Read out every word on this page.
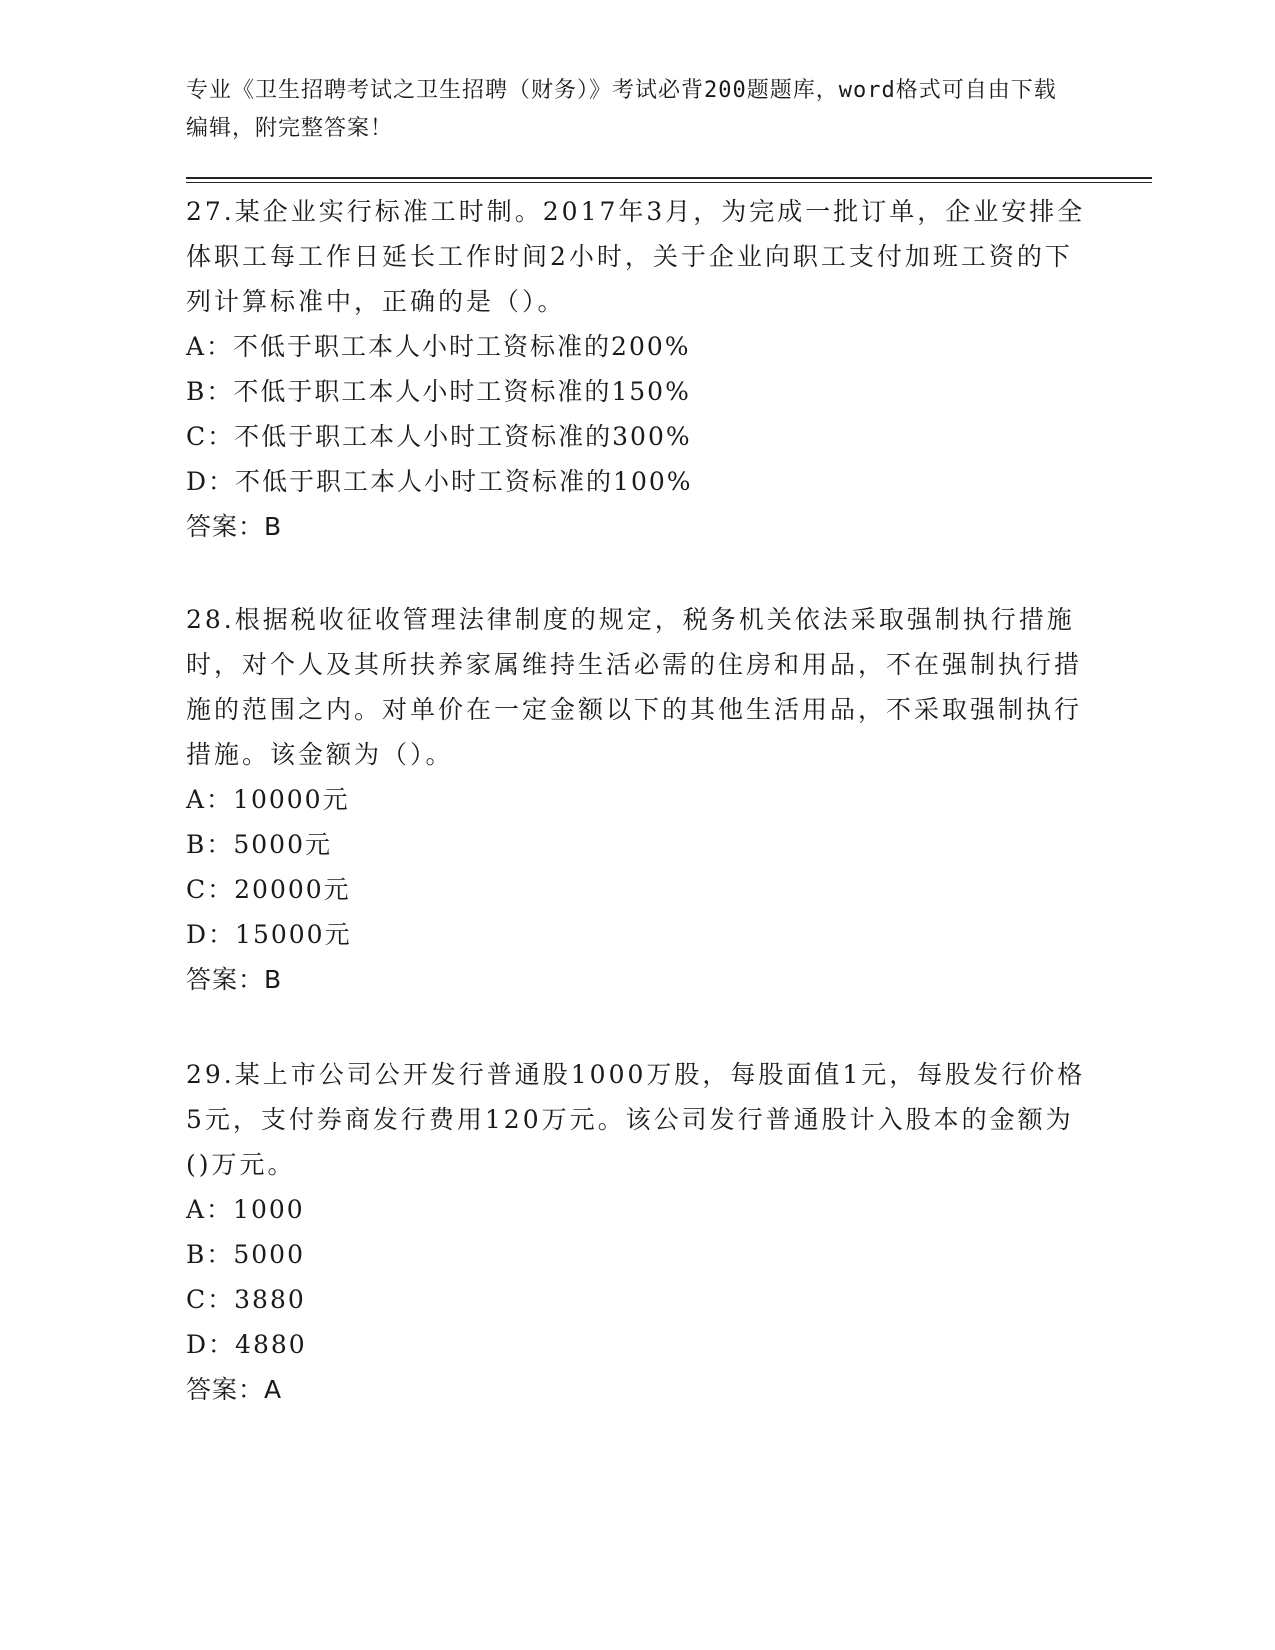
专业《卫生招聘考试之卫生招聘（财务）》考试必背200题题库，word格式可自由下载编辑，附完整答案！
27.某企业实行标准工时制。2017年3月，为完成一批订单，企业安排全体职工每工作日延长工作时间2小时，关于企业向职工支付加班工资的下列计算标准中，正确的是（）。
A：不低于职工本人小时工资标准的200%
B：不低于职工本人小时工资标准的150%
C：不低于职工本人小时工资标准的300%
D：不低于职工本人小时工资标准的100%
答案：B
28.根据税收征收管理法律制度的规定，税务机关依法采取强制执行措施时，对个人及其所扶养家属维持生活必需的住房和用品，不在强制执行措施的范围之内。对单价在一定金额以下的其他生活用品，不采取强制执行措施。该金额为（）。
A：10000元
B：5000元
C：20000元
D：15000元
答案：B
29.某上市公司公开发行普通股1000万股，每股面值1元，每股发行价格5元，支付券商发行费用120万元。该公司发行普通股计入股本的金额为()万元。
A：1000
B：5000
C：3880
D：4880
答案：A
